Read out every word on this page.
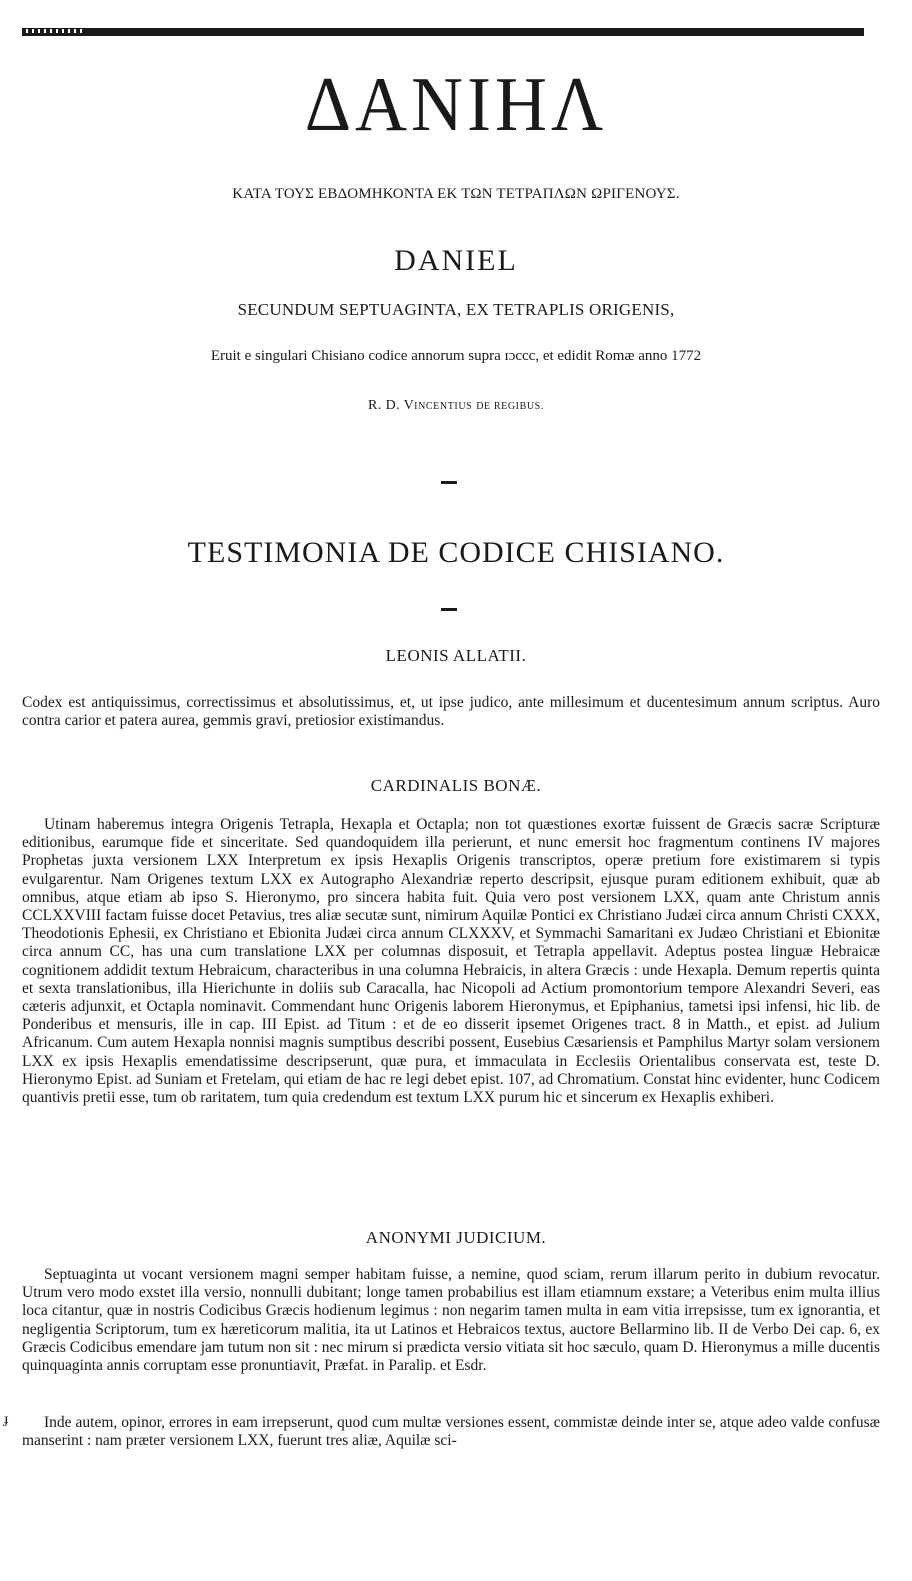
ΔΑΝΙΗΛ
ΚΑΤΑ ΤΟΥΣ ΕΒΔΟΜΗΚΟΝΤΑ ΕΚ ΤΩΝ ΤΕΤΡΑΠΛΩΝ ΩΡΙΓΕΝΟΥΣ.
DANIEL
SECUNDUM SEPTUAGINTA, EX TETRAPLIS ORIGENIS,
Eruit e singulari Chisiano codice annorum supra ɪɔccc, et edidit Romæ anno 1772
R. D. VINCENTIUS DE REGIBUS.
TESTIMONIA DE CODICE CHISIANO.
LEONIS ALLATII.

Codex est antiquissimus, correctissimus et absolutissimus, et, ut ipse judico, ante millesimum et ducentesimum annum scriptus. Auro contra carior et patera aurea, gemmis gravi, pretiosior existimandus.

CARDINALIS BONÆ.

Utinam haberemus integra Origenis Tetrapla, Hexapla et Octapla; non tot quæstiones exortæ fuissent de Græcis sacræ Scripturæ editionibus, earumque fide et sinceritate. Sed quandoquidem illa perierunt, et nunc emersit hoc fragmentum continens IV majores Prophetas juxta versionem LXX Interpretum ex ipsis Hexaplis Origenis transcriptos, operæ pretium fore existimarem si typis evulgarentur. Nam Origenes textum LXX ex Autographo Alexandriæ reperto descripsit, ejusque puram editionem exhibuit, quæ ab omnibus, atque etiam ab ipso S. Hieronymo, pro sincera habita fuit. Quia vero post versionem LXX, quam ante Christum annis CCLXXVIII factam fuisse docet Petavius, tres aliæ secutæ sunt, nimirum Aquilæ Pontici ex Christiano Judæi circa annum Christi CXXX, Theodotionis Ephesii, ex Christiano et Ebionita Judæi circa annum CLXXXV, et Symmachi Samaritani ex Judæo Christiani et Ebionitæ circa annum CC, has una cum translatione LXX per columnas disposuit, et Tetrapla appellavit. Adeptus postea linguæ Hebraicæ cognitionem addidit textum Hebraicum, characteribus in una columna Hebraicis, in altera Græcis : unde Hexapla. Demum repertis quinta et sexta translationibus, illa Hierichunte in doliis sub Caracalla, hac Nicopoli ad Actium promontorium tempore Alexandri Severi, eas cæteris adjunxit, et Octapla nominavit. Commendant hunc Origenis laborem Hieronymus, et Epiphanius, tametsi ipsi infensi, hic lib. de Ponderibus et mensuris, ille in cap. III Epist. ad Titum : et de eo disserit ipsemet Origenes tract. 8 in Matth., et epist. ad Julium Africanum. Cum autem Hexapla nonnisi magnis sumptibus describi possent, Eusebius Cæsariensis et Pamphilus Martyr solam versionem LXX ex ipsis Hexaplis emendatissime descripserunt, quæ pura, et immaculata in Ecclesiis Orientalibus conservata est, teste D. Hieronymo Epist. ad Suniam et Fretelam, qui etiam de hac re legi debet epist. 107, ad Chromatium. Constat hinc evidenter, hunc Codicem quantivis pretii esse, tum ob raritatem, tum quia credendum est textum LXX purum hic et sincerum ex Hexaplis exhiberi.

ANONYMI JUDICIUM.

Septuaginta ut vocant versionem magni semper habitam fuisse, a nemine, quod sciam, rerum illarum perito in dubium revocatur. Utrum vero modo exstet illa versio, nonnulli dubitant; longe tamen probabilius est illam etiamnum exstare; a Veteribus enim multa illius loca citantur, quæ in nostris Codicibus Græcis hodienum legimus : non negarim tamen multa in eam vitia irrepsisse, tum ex ignorantia, et negligentia Scriptorum, tum ex hæreticorum malitia, ita ut Latinos et Hebraicos textus, auctore Bellarmino lib. II de Verbo Dei cap. 6, ex Græcis Codicibus emendare jam tutum non sit : nec mirum si prædicta versio vitiata sit hoc sæculo, quam D. Hieronymus a mille ducentis quinquaginta annis corruptam esse pronuntiavit, Præfat. in Paralip. et Esdr.

Inde autem, opinor, errores in eam irrepserunt, quod cum multæ versiones essent, commistæ deinde inter se, atque adeo valde confusæ manserint : nam præter versionem LXX, fuerunt tres aliæ, Aquilæ sci-

ɟ
